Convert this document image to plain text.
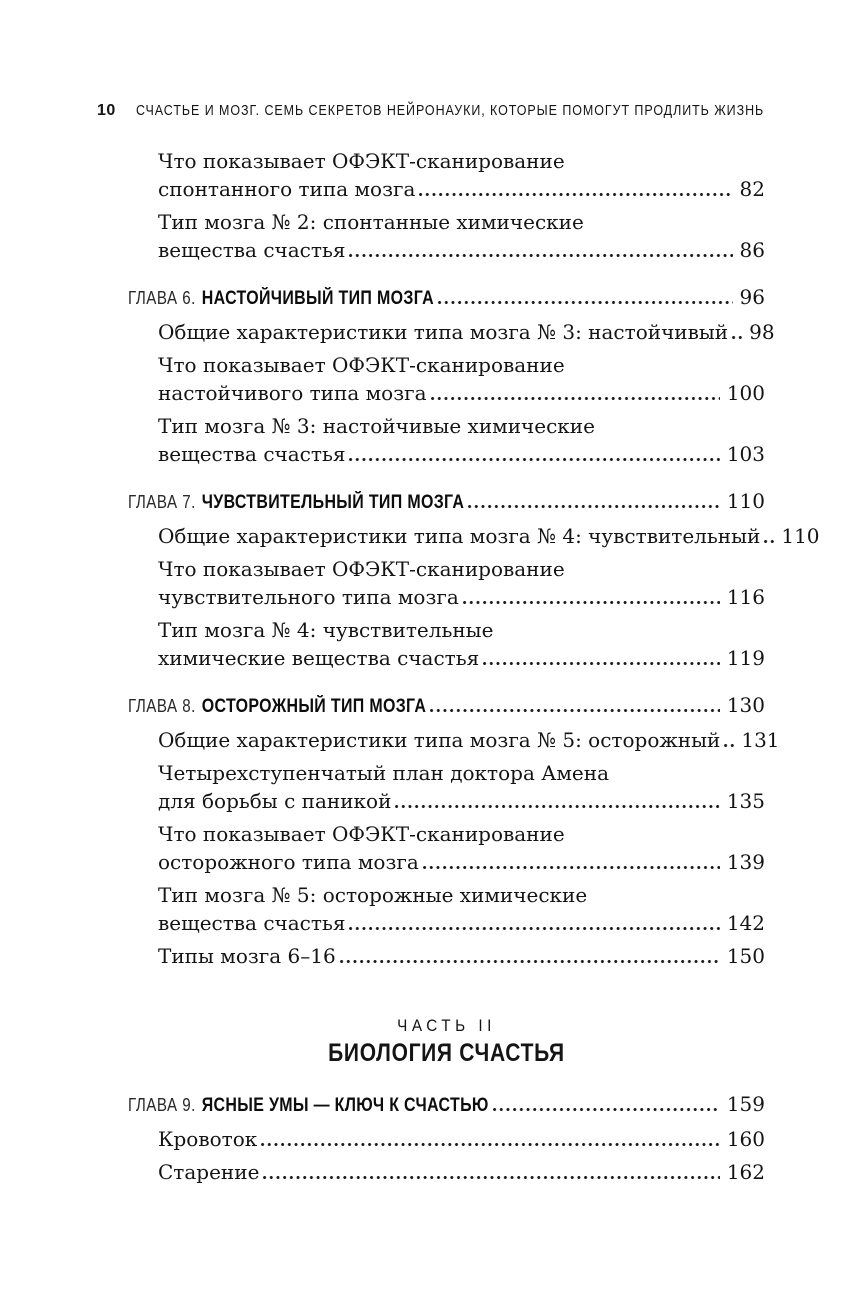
10 СЧАСТЬЕ И МОЗГ. СЕМЬ СЕКРЕТОВ НЕЙРОНАУКИ, КОТОРЫЕ ПОМОГУТ ПРОДЛИТЬ ЖИЗНЬ
Что показывает ОФЭКТ-сканирование
спонтанного типа мозга	82
Тип мозга № 2: спонтанные химические
вещества счастья	86
ГЛАВА 6. НАСТОЙЧИВЫЙ ТИП МОЗГА	96
Общие характеристики типа мозга № 3: настойчивый 98
Что показывает ОФЭКТ-сканирование
настойчивого типа мозга	100
Тип мозга № 3: настойчивые химические
вещества счастья	103
ГЛАВА 7. ЧУВСТВИТЕЛЬНЫЙ ТИП МОЗГА	110
Общие характеристики типа мозга № 4: чувствительный 110
Что показывает ОФЭКТ-сканирование
чувствительного типа мозга	116
Тип мозга № 4: чувствительные
химические вещества счастья	119
ГЛАВА 8. ОСТОРОЖНЫЙ ТИП МОЗГА	130
Общие характеристики типа мозга № 5: осторожный 131
Четырехступенчатый план доктора Амена
для борьбы с паникой	135
Что показывает ОФЭКТ-сканирование
осторожного типа мозга	139
Тип мозга № 5: осторожные химические
вещества счастья	142
Типы мозга 6–16	150
ЧАСТЬ II
БИОЛОГИЯ СЧАСТЬЯ
ГЛАВА 9. ЯСНЫЕ УМЫ — КЛЮЧ К СЧАСТЬЮ	159
Кровоток	160
Старение	162
